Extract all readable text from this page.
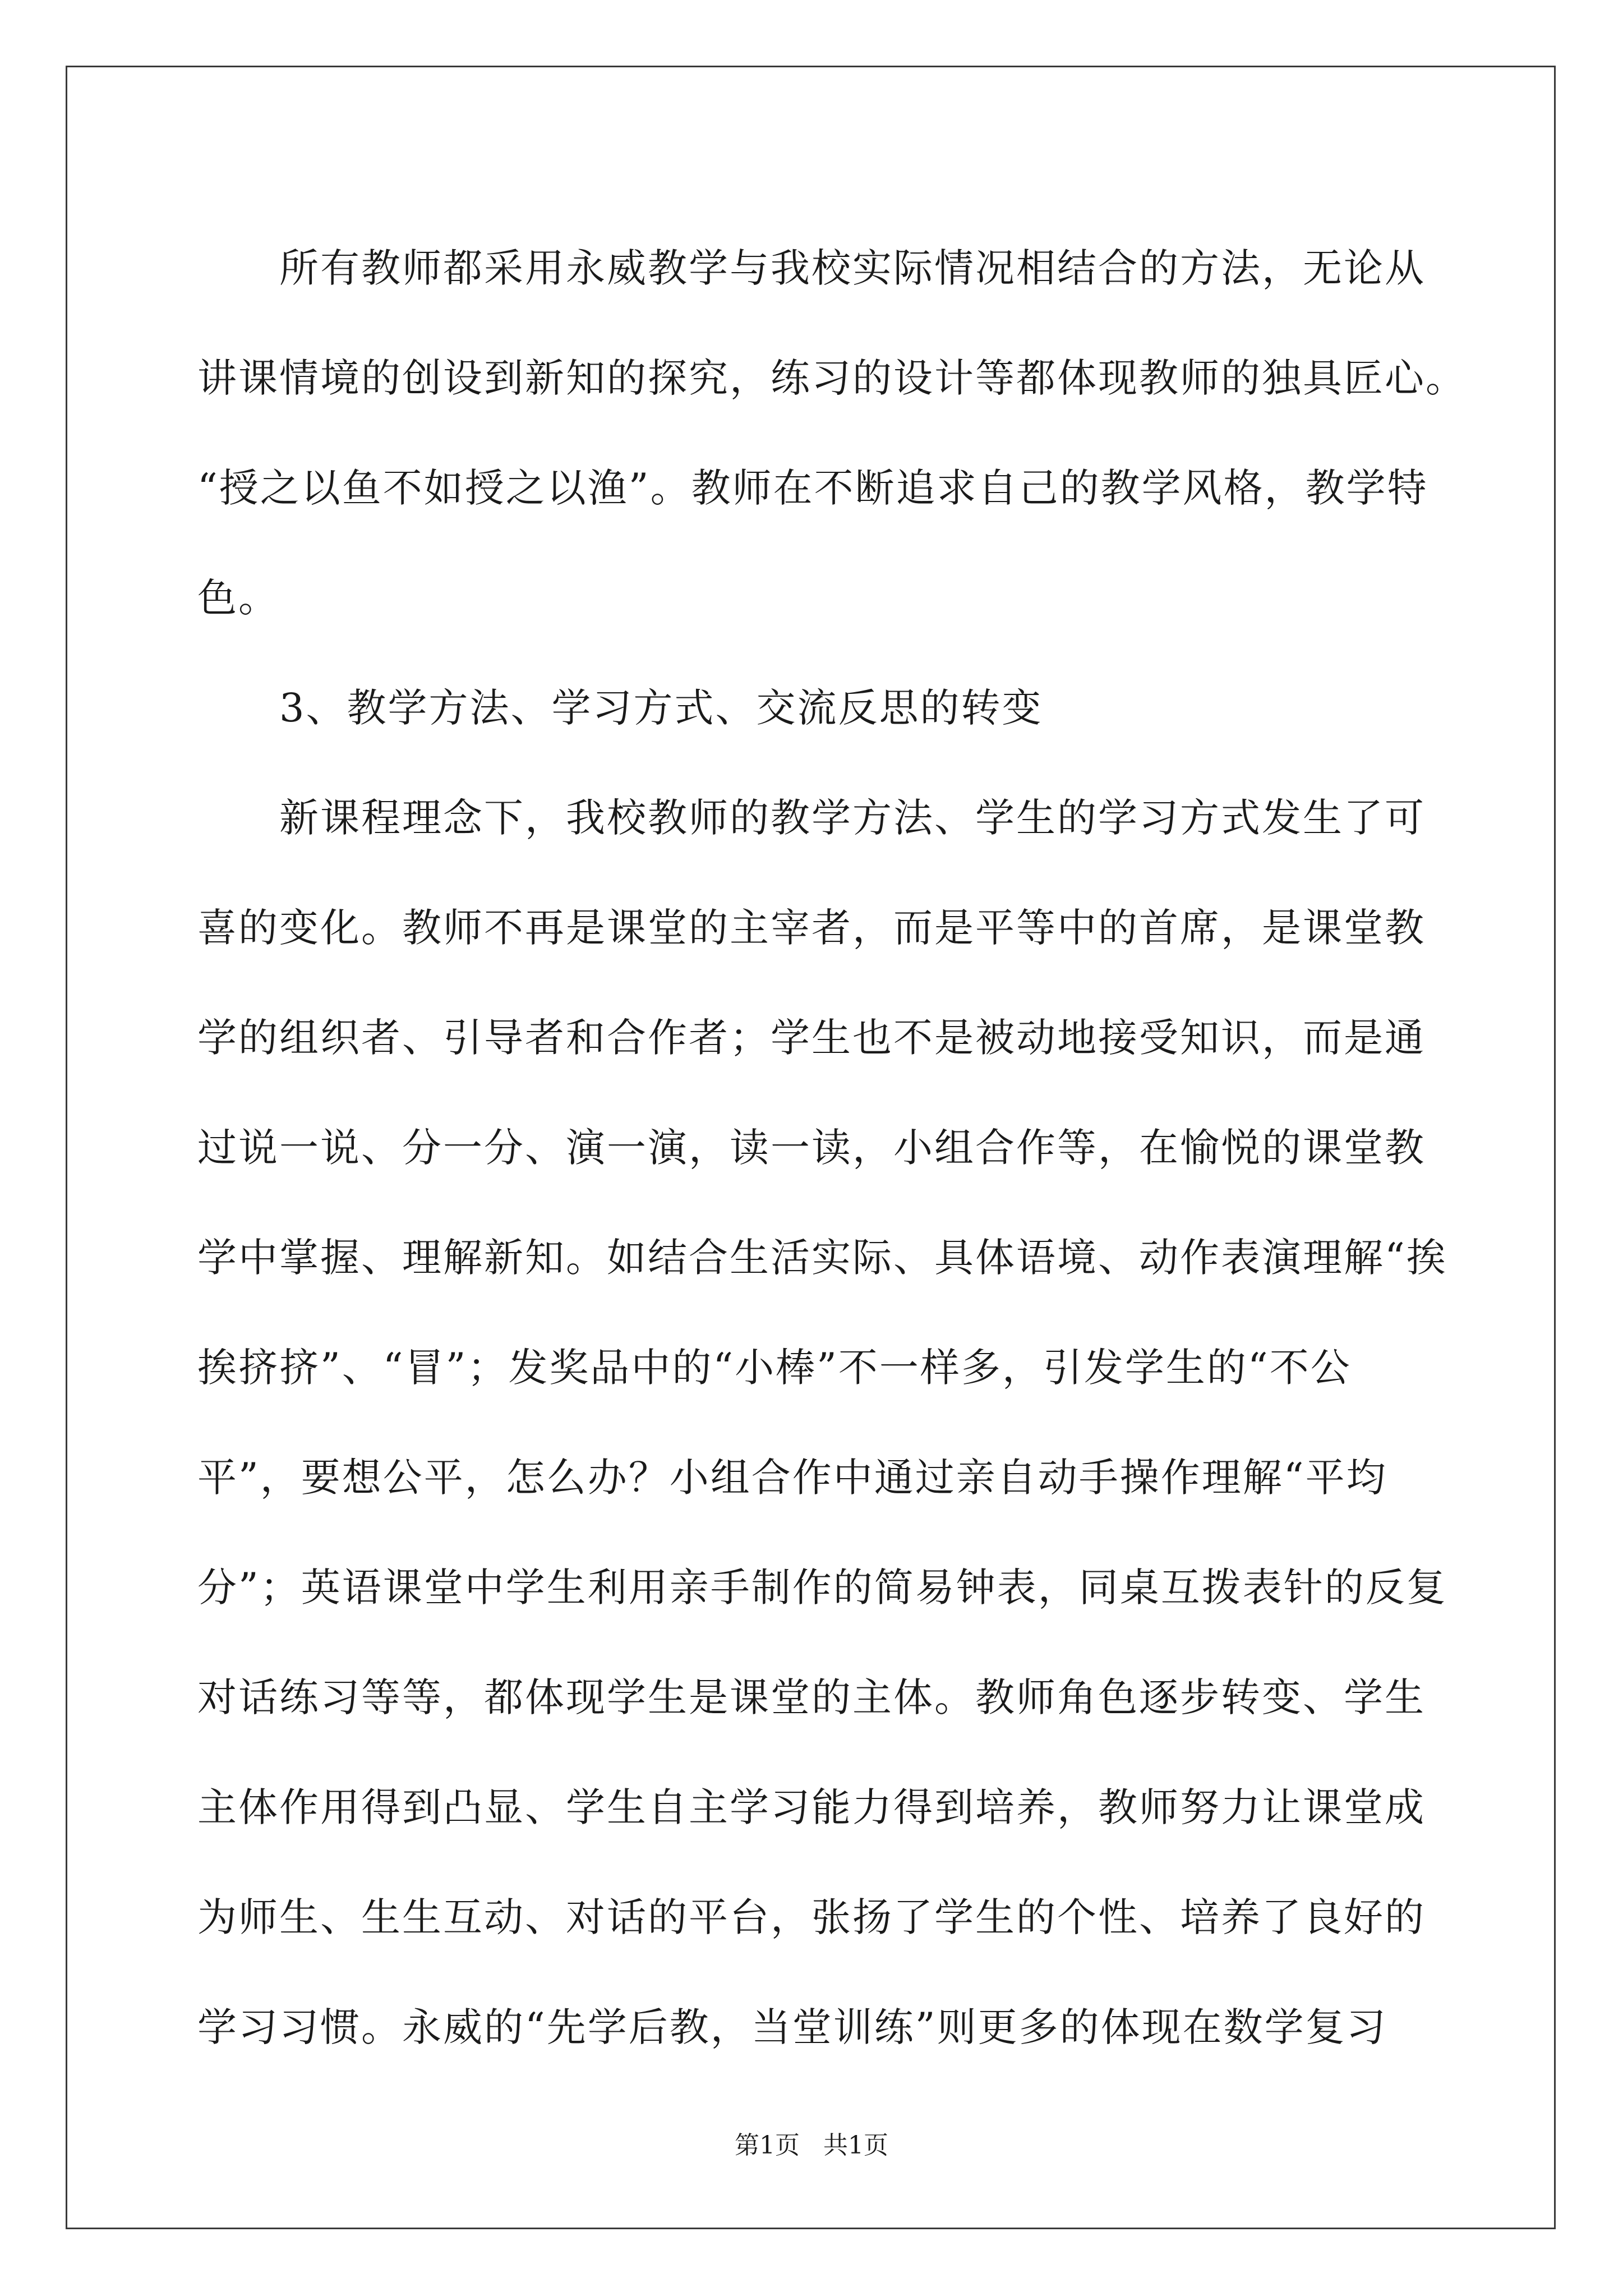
所有教师都采用永威教学与我校实际情况相结合的方法，无论从
讲课情境的创设到新知的探究，练习的设计等都体现教师的独具匠心。
“授之以鱼不如授之以渔”。教师在不断追求自己的教学风格，教学特
色。
3、教学方法、学习方式、交流反思的转变
新课程理念下，我校教师的教学方法、学生的学习方式发生了可
喜的变化。教师不再是课堂的主宰者，而是平等中的首席，是课堂教
学的组织者、引导者和合作者；学生也不是被动地接受知识，而是通
过说一说、分一分、演一演，读一读，小组合作等，在愉悦的课堂教
学中掌握、理解新知。如结合生活实际、具体语境、动作表演理解“挨
挨挤挤”、“冒”；发奖品中的“小棒”不一样多，引发学生的“不公
平”，要想公平，怎么办？小组合作中通过亲自动手操作理解“平均
分”；英语课堂中学生利用亲手制作的简易钟表，同桌互拨表针的反复
对话练习等等，都体现学生是课堂的主体。教师角色逐步转变、学生
主体作用得到凸显、学生自主学习能力得到培养，教师努力让课堂成
为师生、生生互动、对话的平台，张扬了学生的个性、培养了良好的
学习习惯。永威的“先学后教，当堂训练”则更多的体现在数学复习
第1页   共1页
